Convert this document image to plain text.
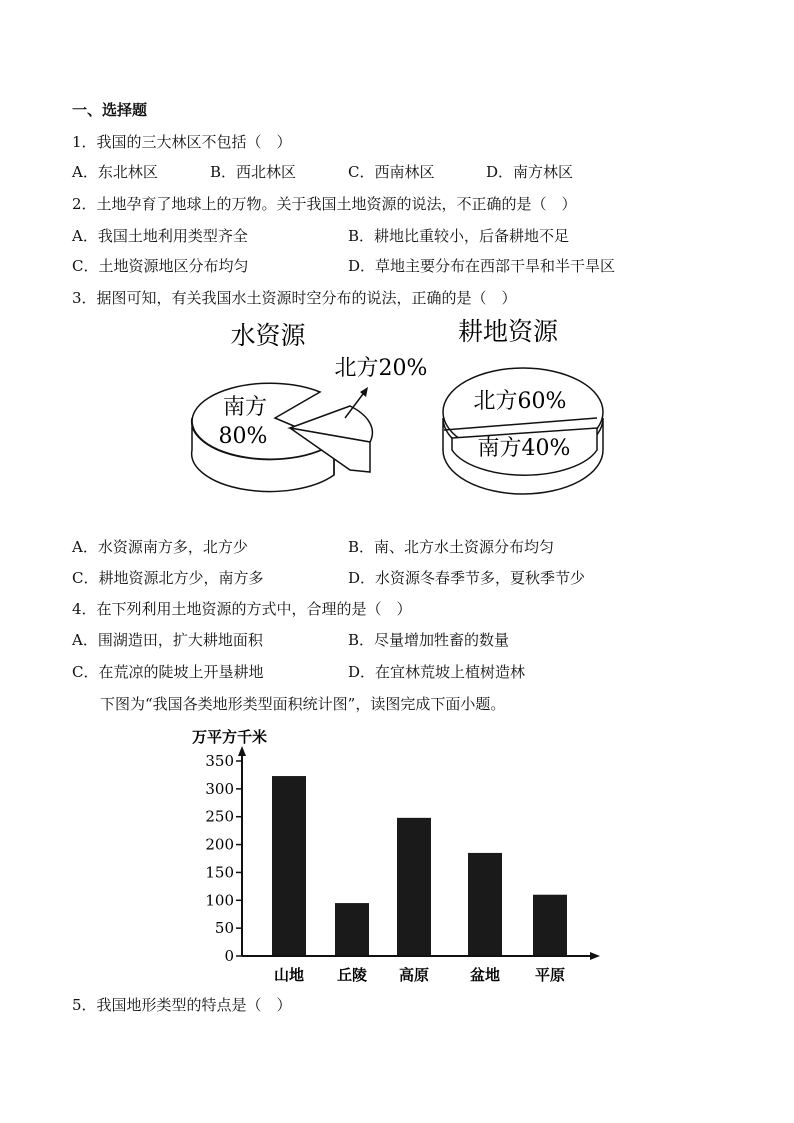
一、选择题
1．我国的三大林区不包括（　）
A．东北林区	B．西北林区	C．西南林区	D．南方林区
2．土地孕育了地球上的万物。关于我国土地资源的说法，不正确的是（　）
A．我国土地利用类型齐全	B．耕地比重较小，后备耕地不足
C．土地资源地区分布均匀	D．草地主要分布在西部干旱和半干旱区
3．据图可知，有关我国水土资源时空分布的说法，正确的是（　）
水资源
南方
80%
北方20%
耕地资源
北方60%
南方40%
A．水资源南方多，北方少	B．南、北方水土资源分布均匀
C．耕地资源北方少，南方多	D．水资源冬春季节多，夏秋季节少
4．在下列利用土地资源的方式中，合理的是（　）
A．围湖造田，扩大耕地面积	B．尽量增加牲畜的数量
C．在荒凉的陡坡上开垦耕地	D．在宜林荒坡上植树造林
下图为“我国各类地形类型面积统计图”，读图完成下面小题。
万平方千米
0
50
100
150
200
250
300
350
山地 丘陵 高原	盆地 平原
5．我国地形类型的特点是（　）
